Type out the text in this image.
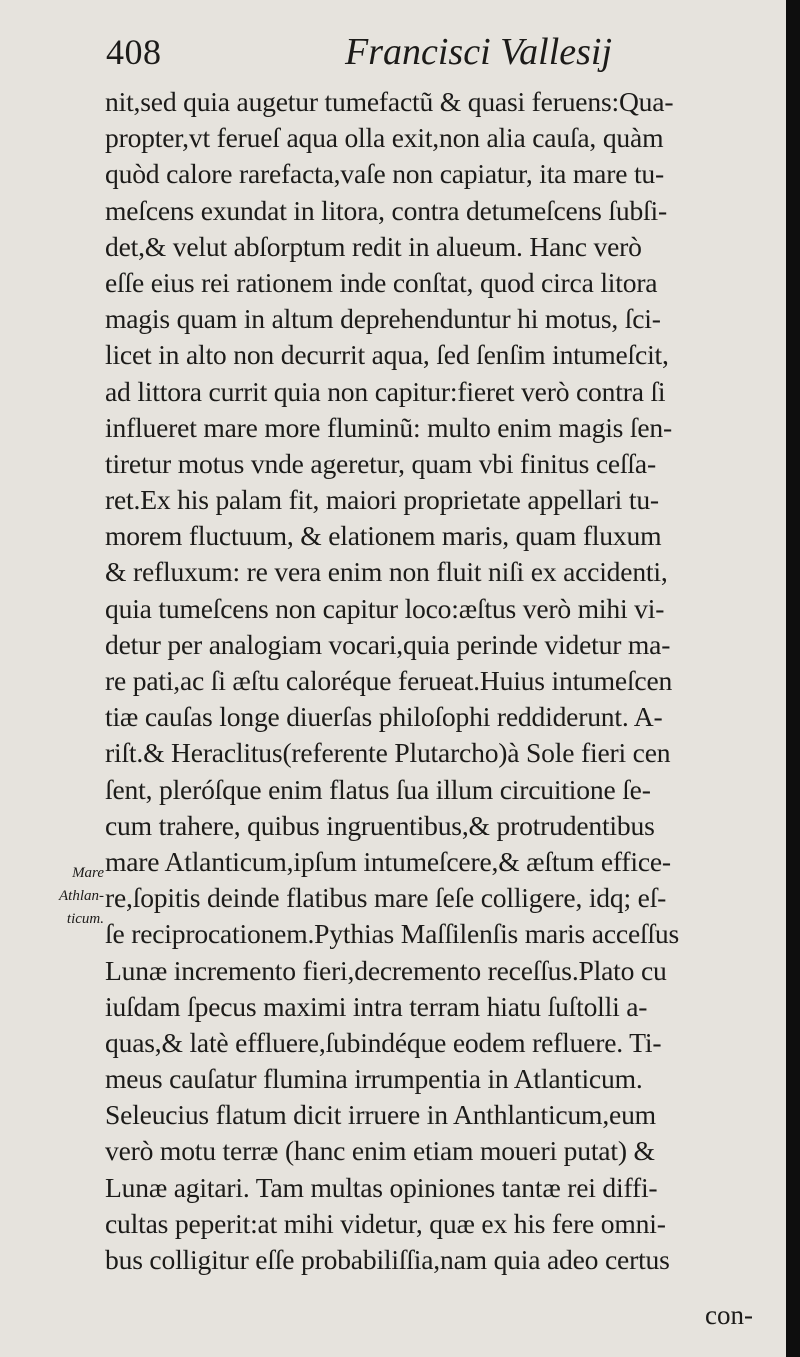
408	Francisci Vallesij
Mare
Athlan-
ticum.
nit,sed quia augetur tumefactũ & quasi feruens:Qua-
propter,vt ferueſ aqua olla exit,non alia cauſa, quàm
quòd calore rarefacta,vaſe non capiatur, ita mare tu-
meſcens exundat in litora, contra detumeſcens ſubſi-
det,& velut abſorptum redit in alueum. Hanc verò
eſſe eius rei rationem inde conſtat, quod circa litora
magis quam in altum deprehenduntur hi motus, ſci-
licet in alto non decurrit aqua, ſed ſenſim intumeſcit,
ad littora currit quia non capitur:fieret verò contra ſi
influeret mare more fluminũ: multo enim magis ſen-
tiretur motus vnde ageretur, quam vbi finitus ceſſa-
ret.Ex his palam fit, maiori proprietate appellari tu-
morem fluctuum, & elationem maris, quam fluxum
& refluxum: re vera enim non fluit niſi ex accidenti,
quia tumeſcens non capitur loco:æſtus verò mihi vi-
detur per analogiam vocari,quia perinde videtur ma-
re pati,ac ſi æſtu caloréque ferueat.Huius intumeſcen
tiæ cauſas longe diuerſas philoſophi reddiderunt. A-
riſt.& Heraclitus(referente Plutarcho)à Sole fieri cen
ſent, pleróſque enim flatus ſua illum circuitione ſe-
cum trahere, quibus ingruentibus,& protrudentibus
mare Atlanticum,ipſum intumeſcere,& æſtum effice-
re,ſopitis deinde flatibus mare ſeſe colligere, idq; eſ-
ſe reciprocationem.Pythias Maſſilenſis maris acceſſus
Lunæ incremento fieri,decremento receſſus.Plato cu
iuſdam ſpecus maximi intra terram hiatu ſuſtolli a-
quas,& latè effluere,ſubindéque eodem refluere. Ti-
meus cauſatur flumina irrumpentia in Atlanticum.
Seleucius flatum dicit irruere in Anthlanticum,eum
verò motu terræ (hanc enim etiam moueri putat) &
Lunæ agitari. Tam multas opiniones tantæ rei diffi-
cultas peperit:at mihi videtur, quæ ex his fere omni-
bus colligitur eſſe probabiliſſia,nam quia adeo certus
con-
